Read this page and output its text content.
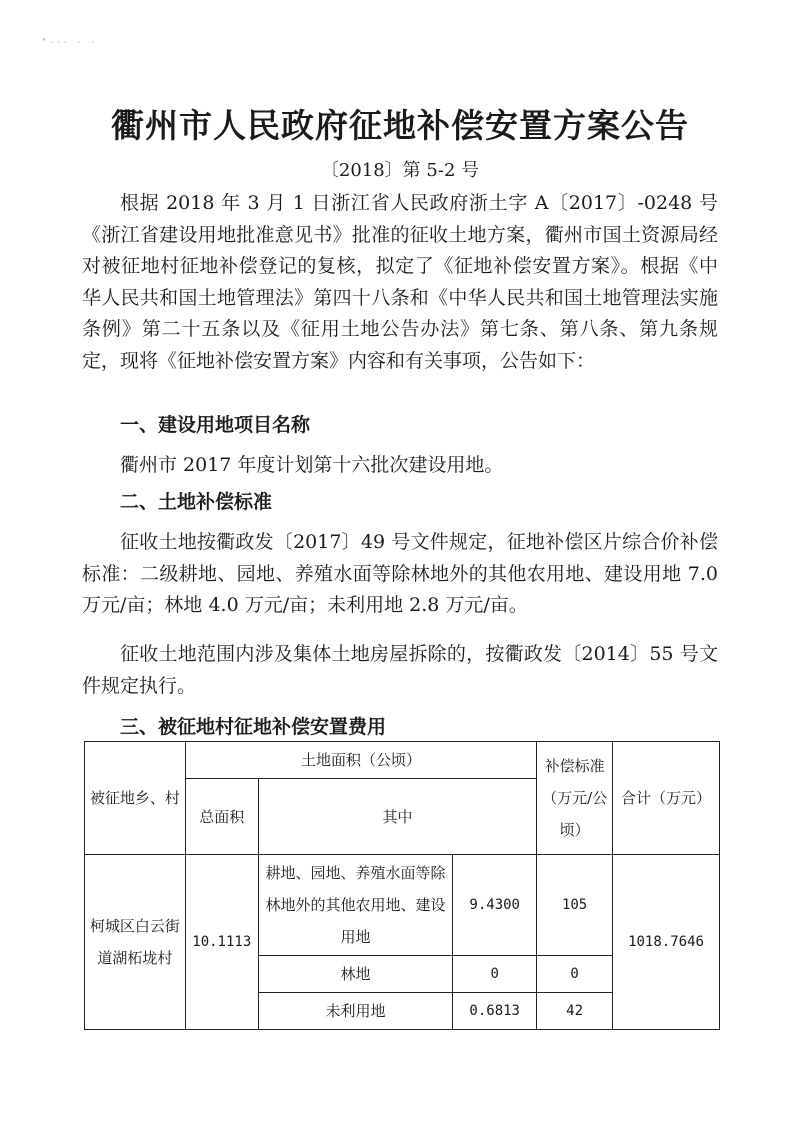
"··· · ·
衢州市人民政府征地补偿安置方案公告

〔2018〕第 5-2 号

根据 2018 年 3 月 1 日浙江省人民政府浙土字 A〔2017〕-0248 号《浙江省建设用地批准意见书》批准的征收土地方案，衢州市国土资源局经对被征地村征地补偿登记的复核，拟定了《征地补偿安置方案》。根据《中华人民共和国土地管理法》第四十八条和《中华人民共和国土地管理法实施条例》第二十五条以及《征用土地公告办法》第七条、第八条、第九条规定，现将《征地补偿安置方案》内容和有关事项，公告如下：

一、建设用地项目名称

衢州市 2017 年度计划第十六批次建设用地。

二、土地补偿标准

征收土地按衢政发〔2017〕49 号文件规定，征地补偿区片综合价补偿标准：二级耕地、园地、养殖水面等除林地外的其他农用地、建设用地 7.0 万元/亩；林地 4.0 万元/亩；未利用地 2.8 万元/亩。

征收土地范围内涉及集体土地房屋拆除的，按衢政发〔2014〕55 号文件规定执行。

三、被征地村征地补偿安置费用

被征地乡、村	土地面积（公顷）			补偿标准（万元/公顷）	合计（万元）
	总面积	其中			
柯城区白云街道湖柘垅村	10.1113	耕地、园地、养殖水面等除林地外的其他农用地、建设用地	9.4300	105	1018.7646
		林地	0	0	
		未利用地	0.6813	42	
